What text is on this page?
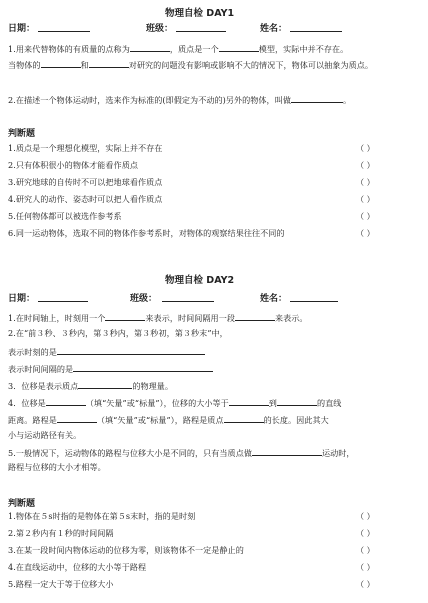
物理自检 DAY1
日期：	班级：	姓名：
1.用来代替物体的有质量的点称为	，质点是一个	模型，实际中并不存在。
当物体的	和	对研究的问题没有影响或影响不大的情况下，物体可以抽象为质点。
2.在描述一个物体运动时，选来作为标准的(即假定为不动的)另外的物体，叫做	。
判断题
1.质点是一个理想化模型，实际上并不存在	（ ）
2.只有体积很小的物体才能看作质点	（ ）
3.研究地球的自传时不可以把地球看作质点	（ ）
4.研究人的动作、姿态时可以把人看作质点	（ ）
5.任何物体都可以被选作参考系	（ ）
6.同一运动物体，选取不同的物体作参考系时，对物体的观察结果往往不同的	（ ）
物理自检 DAY2
日期：	班级：	姓名：
1.在时间轴上，时刻用一个	来表示，时间间隔用一段	来表示。
2.在“前３秒、３秒内，第３秒内，第３秒初，第３秒末”中，
表示时刻的是
表示时间间隔的是
3．位移是表示质点	的物理量。
4．位移是	（填“矢量”或“标量”），位移的大小等于	到	的直线
距离。路程是	（填“矢量”或“标量”），路程是质点	的长度。因此其大
小与运动路径有关。
5.一般情况下，运动物体的路程与位移大小是不同的，只有当质点做	运动时，
路程与位移的大小才相等。
判断题
1.物体在５s时指的是物体在第５s末时，指的是时刻	（ ）
2.第２秒内有１秒的时间间隔	（ ）
3.在某一段时间内物体运动的位移为零，则该物体不一定是静止的	（ ）
4.在直线运动中，位移的大小等于路程	（ ）
5.路程一定大于等于位移大小	（ ）
